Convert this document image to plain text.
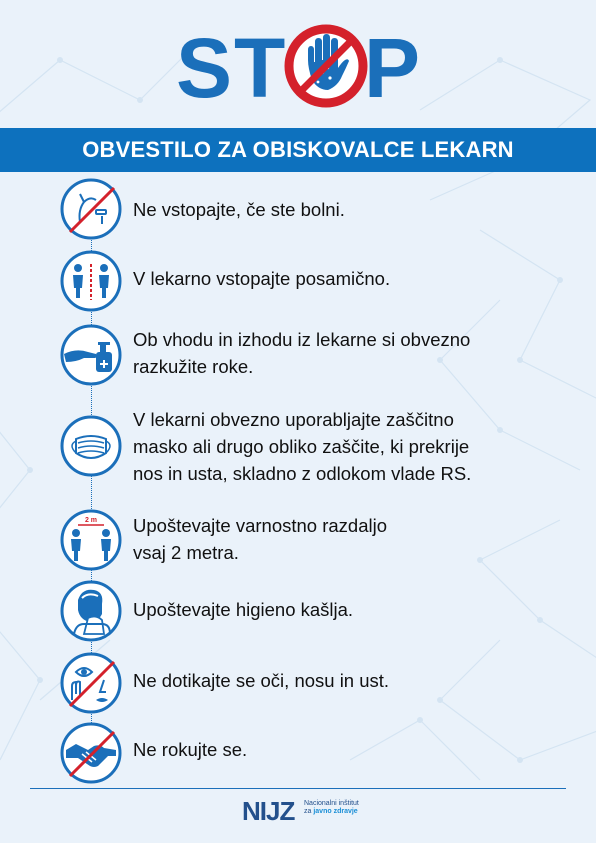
S T P
OBVESTILO ZA OBISKOVALCE LEKARN
Ne vstopajte, če ste bolni.
V lekarno vstopajte posamično.
Ob vhodu in izhodu iz lekarne si obvezno
razkužite roke.
V lekarni obvezno uporabljajte zaščitno
masko ali drugo obliko zaščite, ki prekrije
nos in usta, skladno z odlokom vlade RS.
2 m Upoštevajte varnostno razdaljo
vsaj 2 metra.
Upoštevajte higieno kašlja.
Ne dotikajte se oči, nosu in ust.
Ne rokujte se.
NIJZ Nacionalni inštitut
za javno zdravje
